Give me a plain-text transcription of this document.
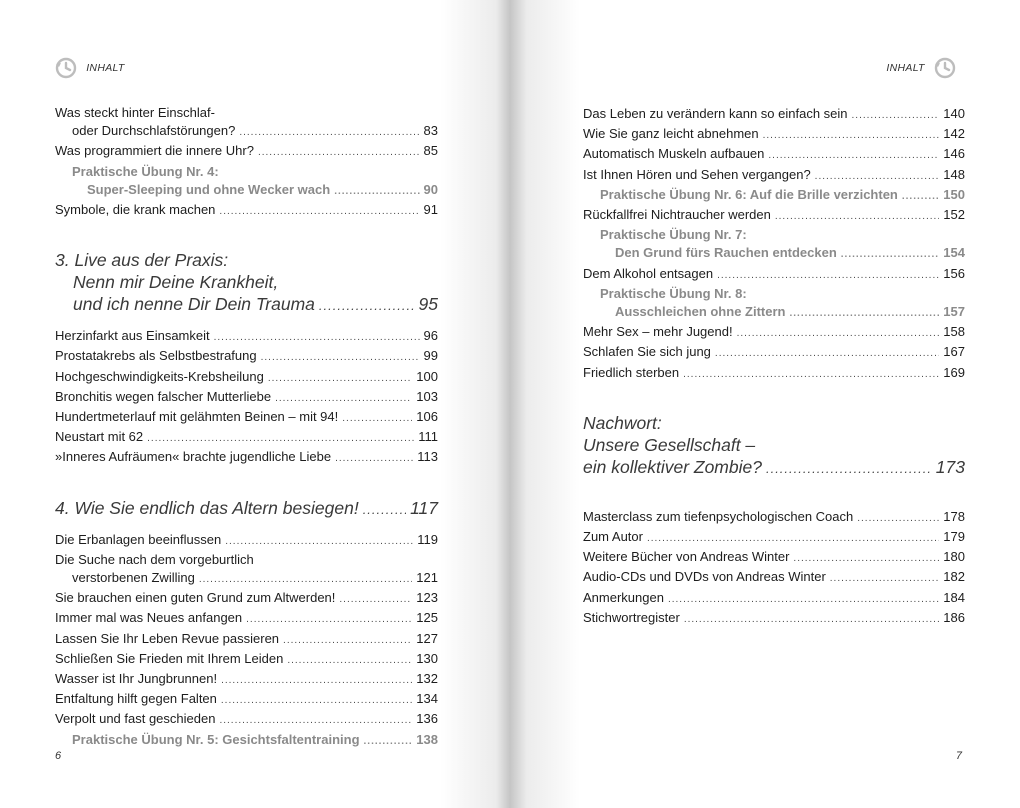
INHALT
Was steckt hinter Einschlaf-
oder Durchschlafstörungen? .....	83
Was programmiert die innere Uhr? .....	85
Praktische Übung Nr. 4:
Super-Sleeping und ohne Wecker wach .....	90
Symbole, die krank machen .....	91
3. Live aus der Praxis:
Nenn mir Deine Krankheit,
und ich nenne Dir Dein Trauma .....	95
Herzinfarkt aus Einsamkeit .....	96
Prostatakrebs als Selbstbestrafung .....	99
Hochgeschwindigkeits-Krebsheilung .....	100
Bronchitis wegen falscher Mutterliebe .....	103
Hundertmeterlauf mit gelähmten Beinen – mit 94! .....	106
Neustart mit 62 .....	111
»Inneres Aufräumen« brachte jugendliche Liebe .....	113
4. Wie Sie endlich das Altern besiegen! .....	117
Die Erbanlagen beeinflussen .....	119
Die Suche nach dem vorgeburtlich
verstorbenen Zwilling .....	121
Sie brauchen einen guten Grund zum Altwerden! .....	123
Immer mal was Neues anfangen .....	125
Lassen Sie Ihr Leben Revue passieren .....	127
Schließen Sie Frieden mit Ihrem Leiden .....	130
Wasser ist Ihr Jungbrunnen! .....	132
Entfaltung hilft gegen Falten .....	134
Verpolt und fast geschieden .....	136
Praktische Übung Nr. 5: Gesichtsfaltentraining .....	138
6
INHALT
Das Leben zu verändern kann so einfach sein .....	140
Wie Sie ganz leicht abnehmen .....	142
Automatisch Muskeln aufbauen .....	146
Ist Ihnen Hören und Sehen vergangen? .....	148
Praktische Übung Nr. 6: Auf die Brille verzichten .....	150
Rückfallfrei Nichtraucher werden .....	152
Praktische Übung Nr. 7:
Den Grund fürs Rauchen entdecken .....	154
Dem Alkohol entsagen .....	156
Praktische Übung Nr. 8:
Ausschleichen ohne Zittern .....	157
Mehr Sex – mehr Jugend! .....	158
Schlafen Sie sich jung .....	167
Friedlich sterben .....	169
Nachwort:
Unsere Gesellschaft –
ein kollektiver Zombie? .....	173
Masterclass zum tiefenpsychologischen Coach .....	178
Zum Autor .....	179
Weitere Bücher von Andreas Winter .....	180
Audio-CDs und DVDs von Andreas Winter .....	182
Anmerkungen .....	184
Stichwortregister .....	186
7
